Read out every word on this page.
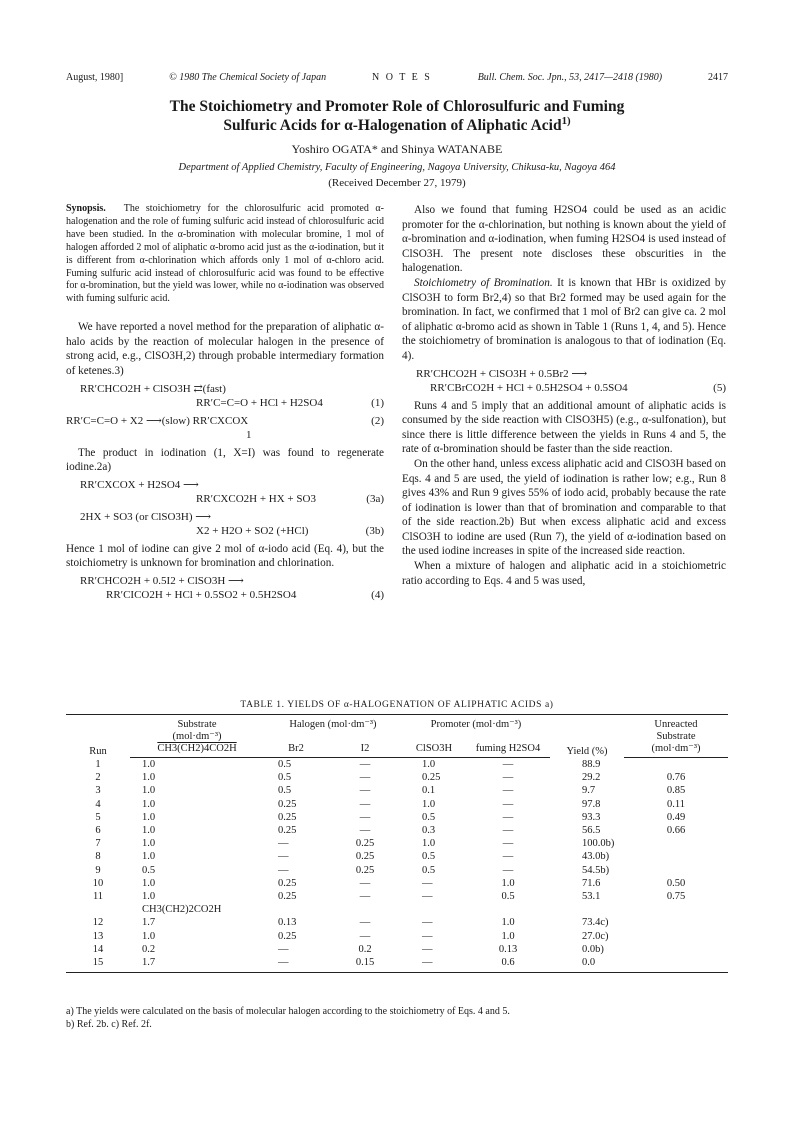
August, 1980]	© 1980 The Chemical Society of Japan	N O T E S	Bull. Chem. Soc. Jpn., 53, 2417—2418 (1980)	2417
The Stoichiometry and Promoter Role of Chlorosulfuric and Fuming
Sulfuric Acids for α-Halogenation of Aliphatic Acid$^{1)}$
Yoshiro OGATA* and Shinya WATANABE
Department of Applied Chemistry, Faculty of Engineering, Nagoya University, Chikusa-ku, Nagoya 464
(Received December 27, 1979)
Synopsis. The stoichiometry for the chlorosulfuric acid promoted α-halogenation and the role of fuming sulfuric acid instead of chlorosulfuric acid have been studied. In the α-bromination with molecular bromine, 1 mol of halogen afforded 2 mol of aliphatic α-bromo acid just as the α-iodination, but it is different from α-chlorination which affords only 1 mol of α-chloro acid. Fuming sulfuric acid instead of chlorosulfuric acid was found to be effective for α-bromination, but the yield was lower, while no α-iodination was observed with fuming sulfuric acid.

We have reported a novel method for the preparation of aliphatic α-halo acids by the reaction of molecular halogen in the presence of strong acid, e.g., ClSO3H,2) through probable intermediary formation of ketenes.3)

RR′CHCO2H + ClSO3H ⇄(fast)
RR′C=C=O + HCl + H2SO4	(1)
RR′C=C=O + X2 ⟶(slow) RR′CXCOX	(2)
1

The product in iodination (1, X=I) was found to regenerate iodine.2a)

RR′CXCOX + H2SO4 ⟶
RR′CXCO2H + HX + SO3	(3a)
2HX + SO3 (or ClSO3H) ⟶
X2 + H2O + SO2 (+HCl)	(3b)

Hence 1 mol of iodine can give 2 mol of α-iodo acid (Eq. 4), but the stoichiometry is unknown for bromination and chlorination.

RR′CHCO2H + 0.5I2 + ClSO3H ⟶
RR′CICO2H + HCl + 0.5SO2 + 0.5H2SO4	(4)

Also we found that fuming H2SO4 could be used as an acidic promoter for the α-chlorination, but nothing is known about the yield of α-bromination and α-iodination, when fuming H2SO4 is used instead of ClSO3H. The present note discloses these obscurities in the halogenation.

Stoichiometry of Bromination. It is known that HBr is oxidized by ClSO3H to form Br2,4) so that Br2 formed may be used again for the bromination. In fact, we confirmed that 1 mol of Br2 can give ca. 2 mol of aliphatic α-bromo acid as shown in Table 1 (Runs 1, 4, and 5). Hence the stoichiometry of bromination is analogous to that of iodination (Eq. 4).

RR′CHCO2H + ClSO3H + 0.5Br2 ⟶
RR′CBrCO2H + HCl + 0.5H2SO4 + 0.5SO4	(5)

Runs 4 and 5 imply that an additional amount of aliphatic acids is consumed by the side reaction with ClSO3H5) (e.g., α-sulfonation), but since there is little difference between the yields in Runs 4 and 5, the rate of α-bromination should be faster than the side reaction.

On the other hand, unless excess aliphatic acid and ClSO3H based on Eqs. 4 and 5 are used, the yield of iodination is rather low; e.g., Run 8 gives 43% and Run 9 gives 55% of iodo acid, probably because the rate of iodination is lower than that of bromination and comparable to that of the side reaction.2b) But when excess aliphatic acid and excess ClSO3H to iodine are used (Run 7), the yield of α-iodination based on the used iodine increases in spite of the increased side reaction.

When a mixture of halogen and aliphatic acid in a stoichiometric ratio according to Eqs. 4 and 5 was used,

TABLE 1. YIELDS OF α-HALOGENATION OF ALIPHATIC ACIDS a)
Run	Substrate	Halogen (mol·dm⁻³)		Promoter (mol·dm⁻³)		Yield (%)	Unreacted
	(mol·dm⁻³)						Substrate
	CH3(CH2)4CO2H	Br2	I2	ClSO3H	fuming H2SO4		(mol·dm⁻³)
1	1.0	0.5	—	1.0	—	88.9	
2	1.0	0.5	—	0.25	—	29.2	0.76
3	1.0	0.5	—	0.1	—	9.7	0.85
4	1.0	0.25	—	1.0	—	97.8	0.11
5	1.0	0.25	—	0.5	—	93.3	0.49
6	1.0	0.25	—	0.3	—	56.5	0.66
7	1.0	—	0.25	1.0	—	100.0b)	
8	1.0	—	0.25	0.5	—	43.0b)	
9	0.5	—	0.25	0.5	—	54.5b)	
10	1.0	0.25	—	—	1.0	71.6	0.50
11	1.0	0.25	—	—	0.5	53.1	0.75
	CH3(CH2)2CO2H						
12	1.7	0.13	—	—	1.0	73.4c)	
13	1.0	0.25	—	—	1.0	27.0c)	
14	0.2	—	0.2	—	0.13	0.0b)	
15	1.7	—	0.15	—	0.6	0.0	
a) The yields were calculated on the basis of molecular halogen according to the stoichiometry of Eqs. 4 and 5.
b) Ref. 2b. c) Ref. 2f.
